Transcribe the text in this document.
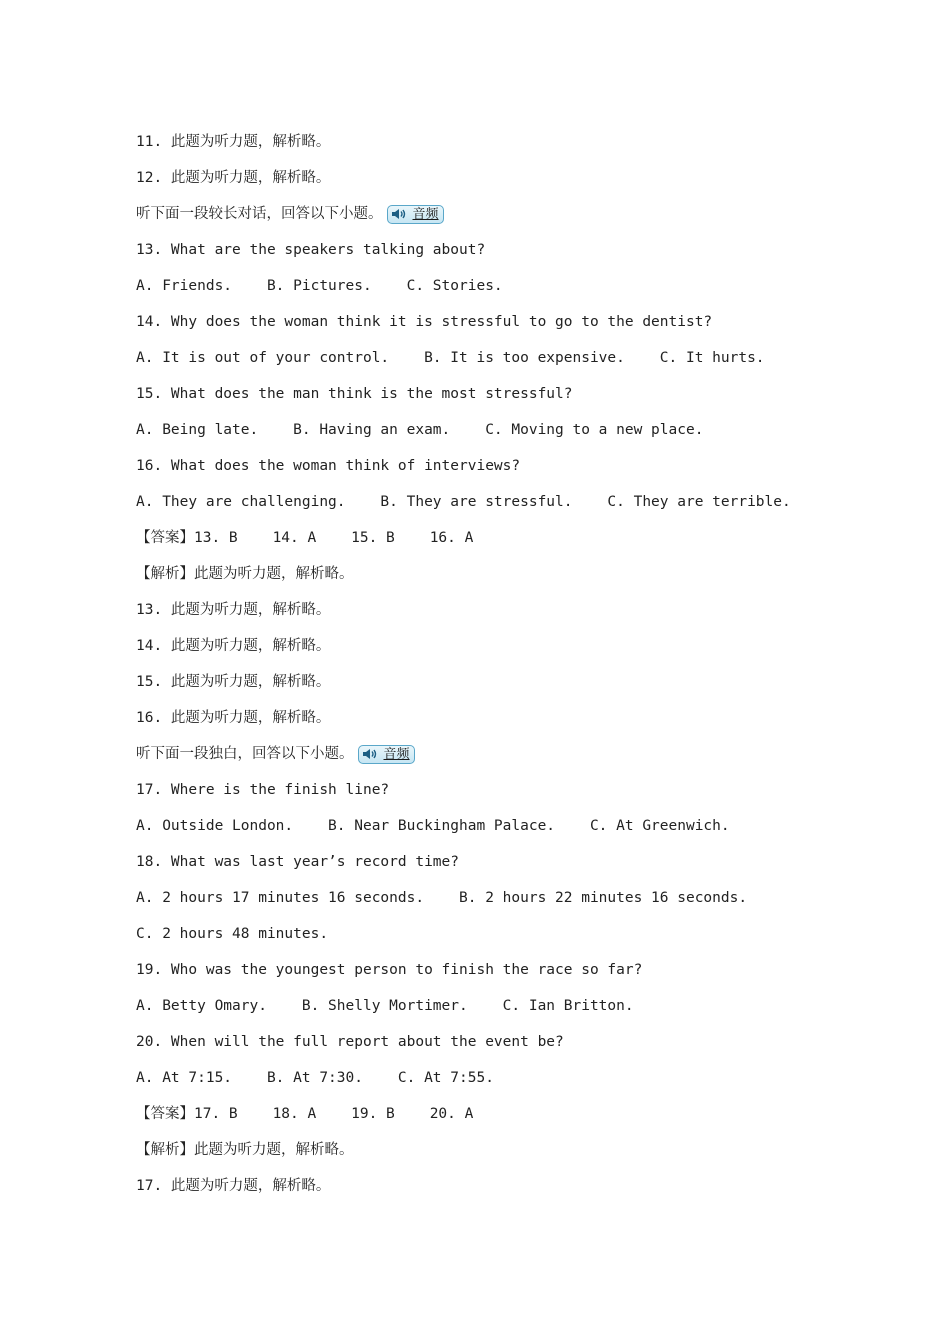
11. 此题为听力题，解析略。
12. 此题为听力题，解析略。
听下面一段较长对话，回答以下小题。 音频
13. What are the speakers talking about?
A. Friends.    B. Pictures.    C. Stories.
14. Why does the woman think it is stressful to go to the dentist?
A. It is out of your control.    B. It is too expensive.    C. It hurts.
15. What does the man think is the most stressful?
A. Being late.    B. Having an exam.    C. Moving to a new place.
16. What does the woman think of interviews?
A. They are challenging.    B. They are stressful.    C. They are terrible.
【答案】13. B    14. A    15. B    16. A
【解析】此题为听力题，解析略。
13. 此题为听力题，解析略。
14. 此题为听力题，解析略。
15. 此题为听力题，解析略。
16. 此题为听力题，解析略。
听下面一段独白，回答以下小题。 音频
17. Where is the finish line?
A. Outside London.    B. Near Buckingham Palace.    C. At Greenwich.
18. What was last year’s record time?
A. 2 hours 17 minutes 16 seconds.    B. 2 hours 22 minutes 16 seconds.
C. 2 hours 48 minutes.
19. Who was the youngest person to finish the race so far?
A. Betty Omary.    B. Shelly Mortimer.    C. Ian Britton.
20. When will the full report about the event be?
A. At 7:15.    B. At 7:30.    C. At 7:55.
【答案】17. B    18. A    19. B    20. A
【解析】此题为听力题，解析略。
17. 此题为听力题，解析略。
